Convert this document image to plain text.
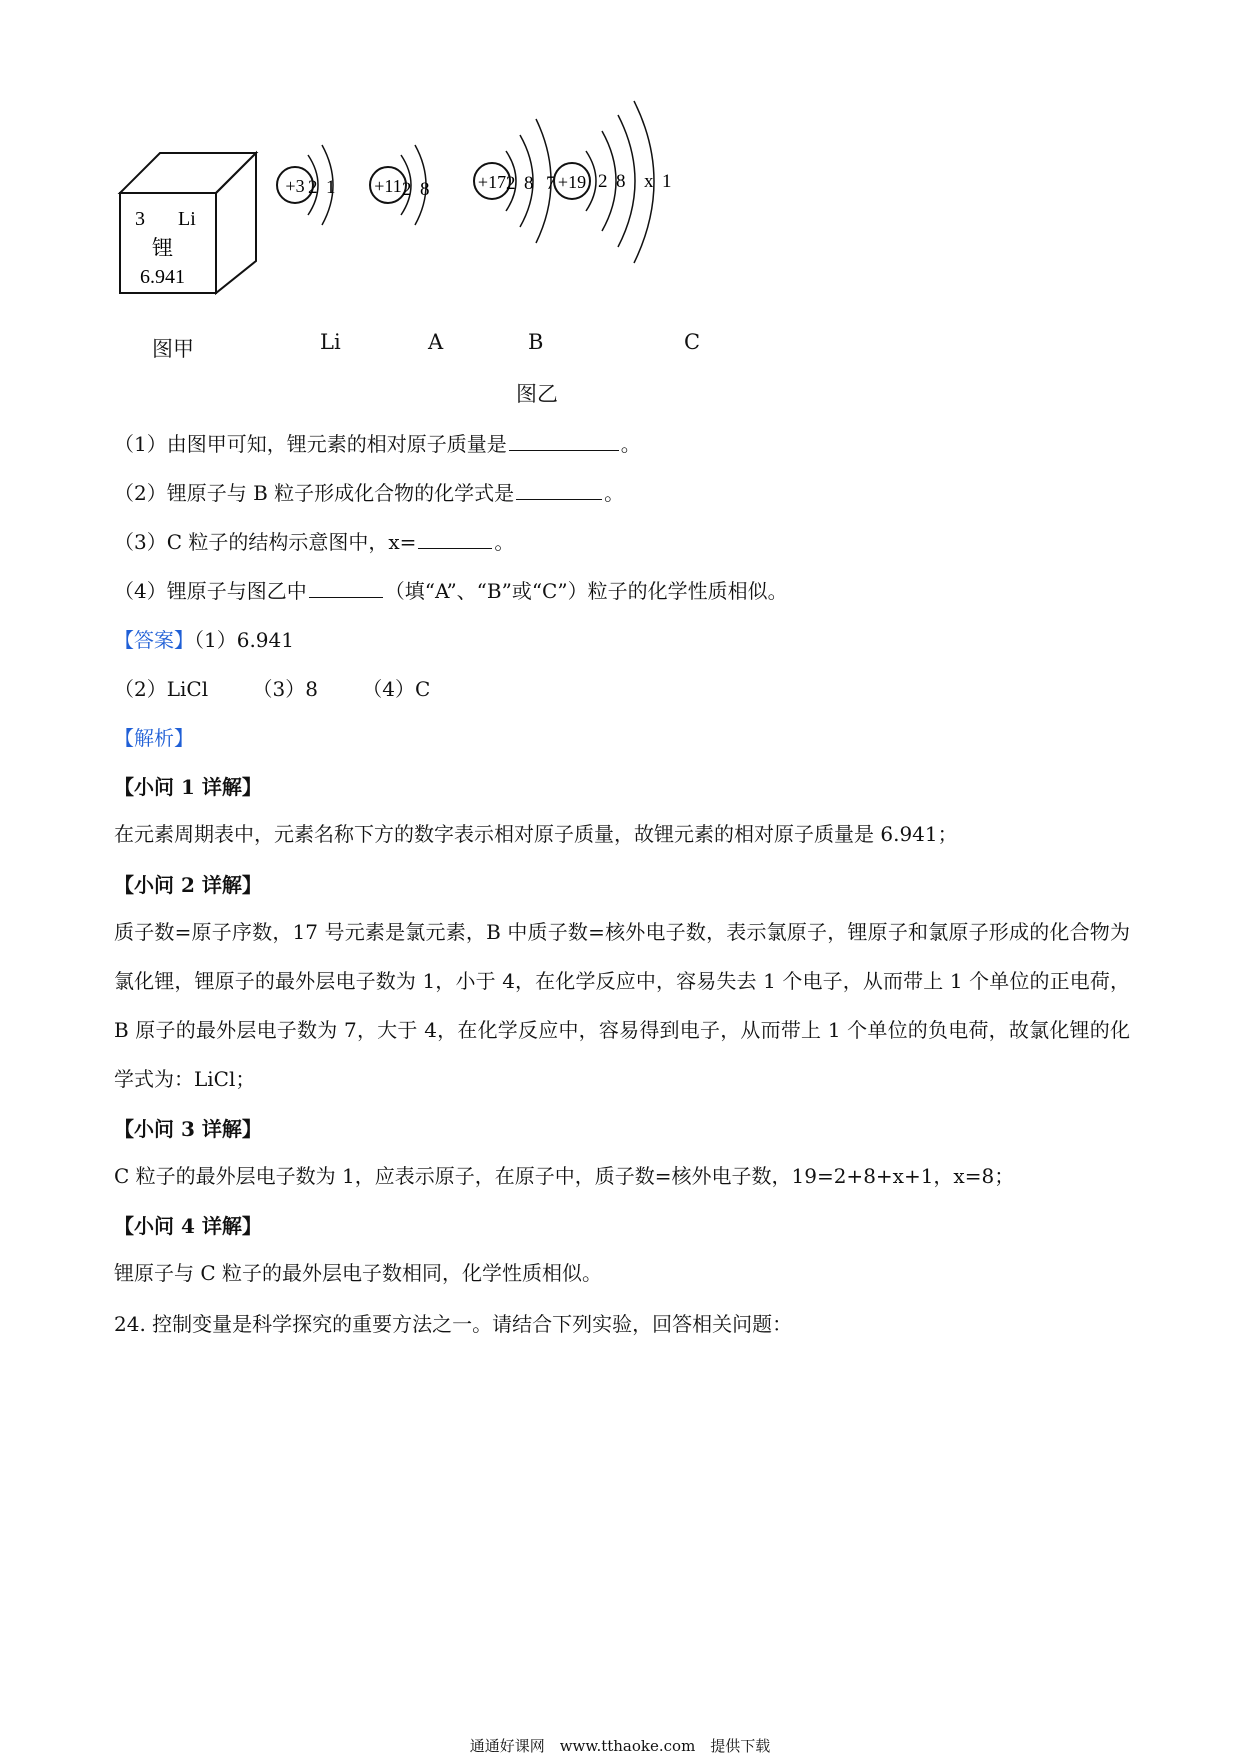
3 Li
锂
6.941
+3 2 1 +11 2 8	+17 2 8 7 +19 2 8 x 1
图甲	Li	A	B	C
图乙
（1）由图甲可知，锂元素的相对原子质量是	。
（2）锂原子与 B 粒子形成化合物的化学式是	。
（3）C 粒子的结构示意图中，x=	。
（4）锂原子与图乙中	（填“A”、“B”或“C”）粒子的化学性质相似。
【答案】（1）6.941
（2）LiCl （3）8 （4）C
【解析】
【小问 1 详解】
在元素周期表中，元素名称下方的数字表示相对原子质量，故锂元素的相对原子质量是 6.941；
【小问 2 详解】
质子数=原子序数，17 号元素是氯元素，B 中质子数=核外电子数，表示氯原子，锂原子和氯原子形成的化合物为氯化锂，锂原子的最外层电子数为 1，小于 4，在化学反应中，容易失去 1 个电子，从而带上 1 个单位的正电荷，B 原子的最外层电子数为 7，大于 4，在化学反应中，容易得到电子，从而带上 1 个单位的负电荷，故氯化锂的化学式为：LiCl；
【小问 3 详解】
C 粒子的最外层电子数为 1，应表示原子，在原子中，质子数=核外电子数，19=2+8+x+1，x=8；
【小问 4 详解】
锂原子与 C 粒子的最外层电子数相同，化学性质相似。
24. 控制变量是科学探究的重要方法之一。请结合下列实验，回答相关问题：
通通好课网　www.tthaoke.com　提供下载
